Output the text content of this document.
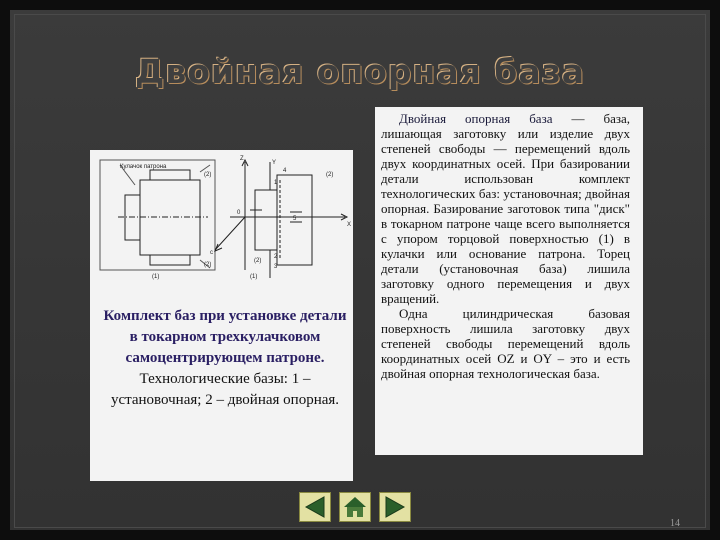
Двойная опорная база
Кулачок патрона
(2)
(2)
(1)
Z
Y
X
0
4
5
1
2
3
c
(2)
(2)
(1)
Комплект баз при установке детали в токарном трехкулачковом самоцентрирующем патроне. Технологические базы: 1 – установочная; 2 – двойная опорная.

Двойная опорная база — база, лишающая заготовку или изделие двух степеней свободы — перемещений вдоль двух координатных осей. При базировании детали использован комплект технологических баз: установочная; двойная опорная. Базирование заготовок типа "диск" в токарном патроне чаще всего выполняется с упором торцовой поверхностью (1) в кулачки или основание патрона. Торец детали (установочная база) лишила заготовку одного перемещения и двух вращений.

Одна цилиндрическая базовая поверхность лишила заготовку двух степеней свободы перемещений вдоль координатных осей OZ и OY – это и есть двойная опорная технологическая база.

14
